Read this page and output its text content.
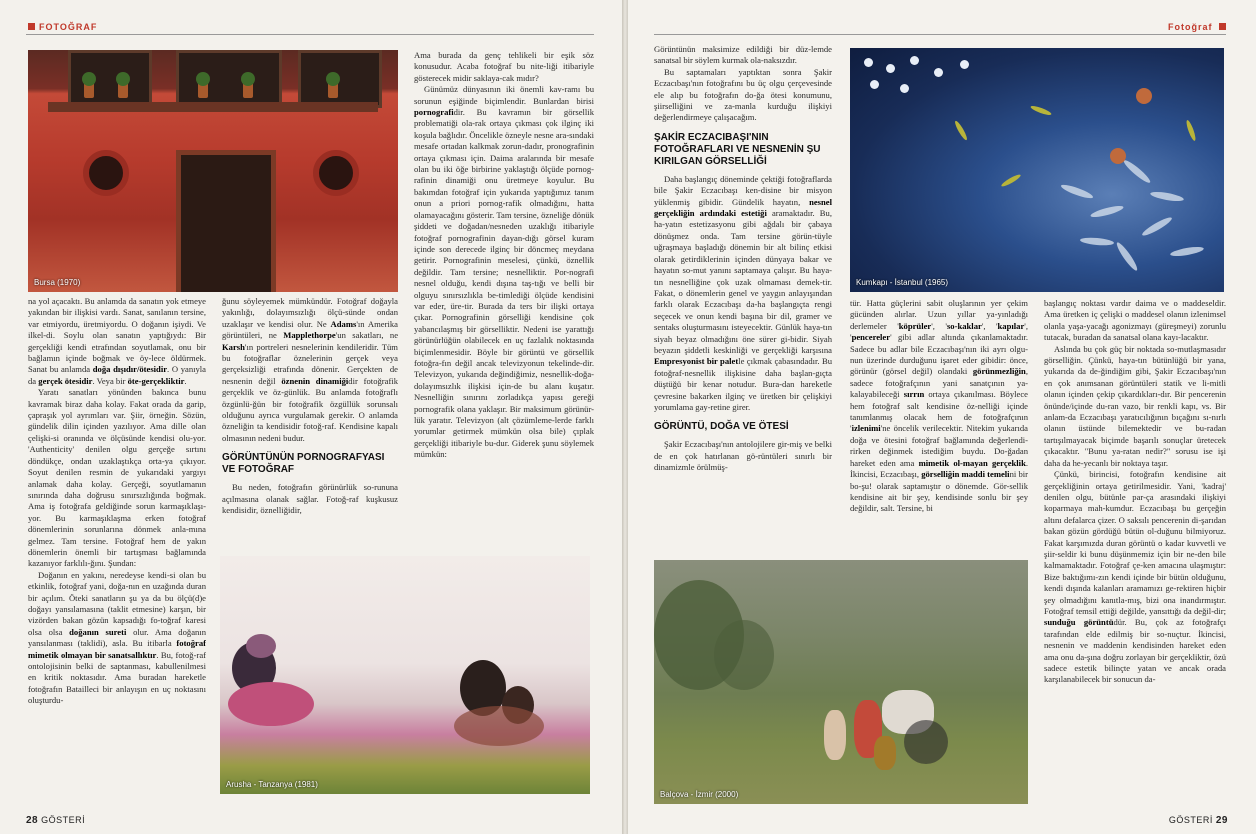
FOTOĞRAF
Bursa (1970)

na yol açacaktı. Bu anlamda da sanatın yok etmeye yakından bir ilişkisi vardı. Sanat, sanılanın tersine, var etmiyordu, üretmiyordu. O doğanın işiydi. Ve ilkel-di. Soylu olan sanatın yaptığıydı: Bir gerçekliği kendi etrafından soyutlamak, onu bir bağlamın içinde boğmak ve öy-lece öldürmek. Sanat bu anlamda doğa dışıdır/ötesidir. O yanıyla da gerçek ötesidir. Veya bir öte-gerçekliktir.

Yaratı sanatları yönünden bakınca bunu kavramak biraz daha kolay. Fakat orada da garip, çapraşık yol ayrımları var. Şiir, örneğin. Sözün, gündelik dilin içinden yazılıyor. Ama dille olan çelişki-si oranında ve ölçüsünde kendisi olu-yor. 'Authenticity' denilen olgu gerçeğe sırtını döndükçe, ondan uzaklaştıkça orta-ya çıkıyor. Soyut denilen resmin de yukarıdaki yargıyı anlamak daha kolay. Gerçeği, soyutlamanın sınırında daha doğrusu sınırsızlığında boğmak. Ama iş fotoğrafa geldiğinde sorun karmaşıklaşı-yor. Bu karmaşıklaşma erken fotoğraf dönemlerinin sorunlarına dönmek anla-mına gelmez. Tam tersine. Fotoğraf hem de yakın dönemlerin önemli bir tartışması bağlamında kazanıyor farklılı-ğını. Şundan:

Doğanın en yakını, neredeyse kendi-si olan bu etkinlik, fotoğraf yani, doğa-nın en uzağında duran bir açılım. Öteki sanatların şu ya da bu ölçü(d)e doğayı yansılamasına (taklit etmesine) karşın, bir vizörden bakan gözün kapsadığı fo-toğraf karesi olsa olsa doğanın sureti olur. Ama doğanın yansılanması (taklidi), asla. Bu itibarla fotoğraf mimetik olmayan bir sanatsallıktır. Bu, fotoğ-raf ontolojisinin belki de saptanması, kabullenilmesi en kritik noktasıdır. Ama buradan hareketle fotoğrafın Batailleci bir anlayışın en uç noktasını oluşturdu-

ğunu söyleyemek mümkündür. Fotoğraf doğayla yakınlığı, dolayımsızlığı ölçü-sünde ondan uzaklaşır ve kendisi olur. Ne Adams'ın Amerika görüntüleri, ne Mapplethorpe'un sakatları, ne Karsh'ın portreleri nesnelerinin kendileridir. Tüm bu fotoğraflar öznelerinin gerçek veya gerçeksizliği etrafında dönenir. Gerçekten de nesnenin değil öznenin dinamiğidir fotoğrafik gerçeklik ve öz-günlük. Bu anlamda fotoğraflı özgünlü-ğün bir fotoğrafik özgüllük sorunsalı olduğunu ayrıca vurgulamak gerekir. O anlamda özneliğin ta kendisidir fotoğ-raf. Kendisine kapalı olmasının nedeni budur.

GÖRÜNTÜNÜN PORNOGRAFYASI VE FOTOĞRAF

Bu neden, fotoğrafın görünürlük so-rununa açılmasına olanak sağlar. Fotoğ-raf kuşkusuz kendisidir, öznelliğidir,

Ama burada da genç tehlikeli bir eşik söz konusudur. Acaba fotoğraf bu nite-liği itibariyle gösterecek midir saklaya-cak mıdır?

Günümüz dünyasının iki önemli kav-ramı bu sorunun eşiğinde biçimlendir. Bunlardan birisi pornografidir. Bu kavramın bir görsellik problematiği ola-rak ortaya çıkması çok ilginç iki koşula bağlıdır. Öncelikle özneyle nesne ara-sındaki mesafe ortadan kalkmak zorun-dadır, pronografinin ortaya çıkması için. Daima aralarında bir mesafe olan bu iki öğe birbirine yaklaştığı ölçüde pornog-rafinin dinamiği onu üretmeye koyulur. Bu bakımdan fotoğraf için yukarıda yaptığımız tanım onun a priori pornog-rafik olmadığını, hatta olamayacağını gösterir. Tam tersine, özneliğe dönük şiddeti ve doğadan/nesneden uzaklığı itibariyle fotoğraf pornografinin dayan-dığı görsel kuram içinde son derecede ilginç bir döncmeç meydana getirir. Pornografinin meselesi, çünkü, öznellik değildir. Tam tersine; nesnelliktir. Por-nografi nesnel olduğu, kendi dışına taş-tığı ve belli bir olguyu sınırsızlıkla be-timlediği ölçüde kendisini var eder, üre-tir. Burada da ters bir ilişki ortaya çıkar. Pornografinin görselliği kendisine çok yabancılaşmış bir görselliktir. Nedeni ise yarattığı görünürlüğün olabilecek en uç fazlalık noktasında biçimlenmesidir. Böyle bir görüntü ve görsellik fotoğra-fın değil ancak televizyonun tekelinde-dir. Televizyon, yukarıda değindiğimiz, nesnellik-doğa-dolayımsızlık ilişkisi için-de bu alanı kuşatır. Nesnelliğin sınırını zorladıkça yapısı gereği pornografik olana yaklaşır. Bir maksimum görünür-lük yaratır. Televizyon (alt çözümleme-lerde farklı yorumlar getirmek mümkün olsa bile) çıplak gerçekliği itibariyle bu-dur. Giderek şunu söylemek mümkün:

Arusha - Tanzanya (1981)
28 GÖSTERİ
Fotoğraf

Görüntünün maksimize edildiği bir düz-lemde sanatsal bir söylem kurmak ola-naksızdır.

Bu saptamaları yaptıktan sonra Şakir Eczacıbaşı'nın fotoğrafını bu üç olgu çerçevesinde ele alıp bu fotoğrafın do-ğa ötesi konumunu, şiirselliğini ve za-manla kurduğu ilişkiyi değerlendirmeye çalışacağım.

ŞAKİR ECZACIBAŞI'NIN FOTOĞRAFLARI VE NESNENİN ŞU KIRILGAN GÖRSELLİĞİ

Daha başlangıç döneminde çektiği fotoğraflarda bile Şakir Eczacıbaşı ken-disine bir misyon yüklenmiş gibidir. Gündelik hayatın, nesnel gerçekliğin ardındaki estetiği aramaktadır. Bu, ha-yatın estetizasyonu gibi ağdalı bir çabaya dönüşmez onda. Tam tersine görün-tüyle uğraşmaya başladığı dönemin bir alt bilinç etkisi olarak getirdiklerinin içinden dünyaya bakar ve hayatın so-mut yanını saptamaya çalışır. Bu haya-tın nesnelliğine çok uzak olmaması demek-tir. Fakat, o dönemlerin genel ve yaygın anlayışından farklı olarak Eczacıbaşı da-ha başlangıçta rengi seçecek ve onun kendi başına bir dil, gramer ve sentaks oluşturmasını isteyecektir. Günlük haya-tın siyah beyaz olmadığını öne sürer gi-bidir. Siyah beyazın şiddetli keskinliği ve gerçekliği karşısına Empresyonist bir paletle çıkmak çabasındadır. Bu fotoğraf-nesnellik ilişkisine daha başlan-gıçta düştüğü bir kenar notudur. Bura-dan hareketle çevresine bakarken ilginç ve üretken bir çelişkiyi yorumlama gay-retine girer.

GÖRÜNTÜ, DOĞA VE ÖTESİ

Şakir Eczacıbaşı'nın antolojilere gir-miş ve belki de en çok hatırlanan gö-rüntüleri sınırlı bir dinamizmle örülmüş-

Kumkapı - İstanbul (1965)

tür. Hatta güçlerini sabit oluşlarının yer çekim gücünden alırlar. Uzun yıllar ya-yınladığı derlemeler 'köprüler', 'so-kaklar', 'kapılar', 'pencereler' gibi adlar altında çıkanlamaktadır. Sadece bu adlar bile Eczacıbaşı'nın iki ayrı olgu-nun üzerinde durduğunu işaret eder gibidir: önce, görünür (görsel değil) olandaki görünmezliğin, sadece fotoğrafçının yani sanatçının ya-kalayabileceği sırrın ortaya çıkanılması. Böylece hem fotoğraf salt kendisine öz-nelliği içinde tanımlanmış olacak hem de fotoğrafçının 'izlenimi'ne öncelik verilecektir. Nitekim yukarıda doğa ve ötesini fotoğraf bağlamında değerlendi-rirken değinmek istediğim buydu. Do-ğadan hareket eden ama mimetik ol-mayan gerçeklik. İkincisi, Eczacıbaşı, görselliğin maddi temelini bir bo-şu! olarak saptamıştır o dönemde. Gör-sellik kendisine ait bir şey, kendisinde sonlu bir şey değildir, salt. Tersine, bi

başlangıç noktası vardır daima ve o maddeseldir. Ama üretken iç çelişki o maddesel olanın izlenimsel olanla yaşa-yacağı agonizmayı (güreşmeyi) zorunlu tutacak, buradan da sanatsal olana kayı-lacaktır.

Aslında bu çok güç bir noktada so-mutlaşmasıdır görselliğin. Çünkü, haya-tın bütünlüğü bir yana, yukarıda da de-ğindiğim gibi, Şakir Eczacıbaşı'nın en çok anımsanan görüntüleri statik ve li-mitli olanın içinden çekip çıkardıkları-dır. Bir pencerenin önünde/içinde du-ran vazo, bir renkli kapı, vs. Bir anlam-da Eczacıbaşı yaratıcılığının bıçağını sı-nırlı olanın üstünde bilemektedir ve bu-radan tartışılmayacak biçimde başarılı sonuçlar üretecek çıkacaktır. "Bunu ya-ratan nedir?" sorusu ise işi daha da he-yecanlı bir noktaya taşır.

Çünkü, birincisi, fotoğrafın kendisine ait gerçekliğinin ortaya getirilmesidir. Yani, 'kadraj' denilen olgu, bütünle par-ça arasındaki ilişkiyi koparmaya mah-kumdur. Eczacıbaşı bu gerçeğin altını defalarca çizer. O saksılı pencerenin di-şarıdan bakan gözün gördüğü bütün ol-duğunu bilmiyoruz. Fakat karşımızda duran görüntü o kadar kuvvetli ve şiir-seldir ki bunu düşünmemiz için bir ne-den bile kalmamaktadır. Fotoğraf çe-ken amacına ulaşmıştır: Bize baktığımı-zın kendi içinde bir bütün olduğunu, kendi dışında kalanları aramamızı ge-rektiren hiçbir şey olmadığını kanıtla-mış, bizi ona inandırmıştır. Fotoğraf temsil ettiği değilde, yansıttığı da değil-dir; sunduğu görüntüdür. Bu, çok az fotoğrafçı tarafından elde edilmiş bir so-nuçtur. İkincisi, nesnenin ve maddenin kendisinden hareket eden ama onu da-şına doğru zorlayan bir gerçekliktir, özü sadece estetik bilinçte yatan ve ancak orada karşılanabilecek bir sonucun da-

Balçova - İzmir (2000)
GÖSTERİ 29
